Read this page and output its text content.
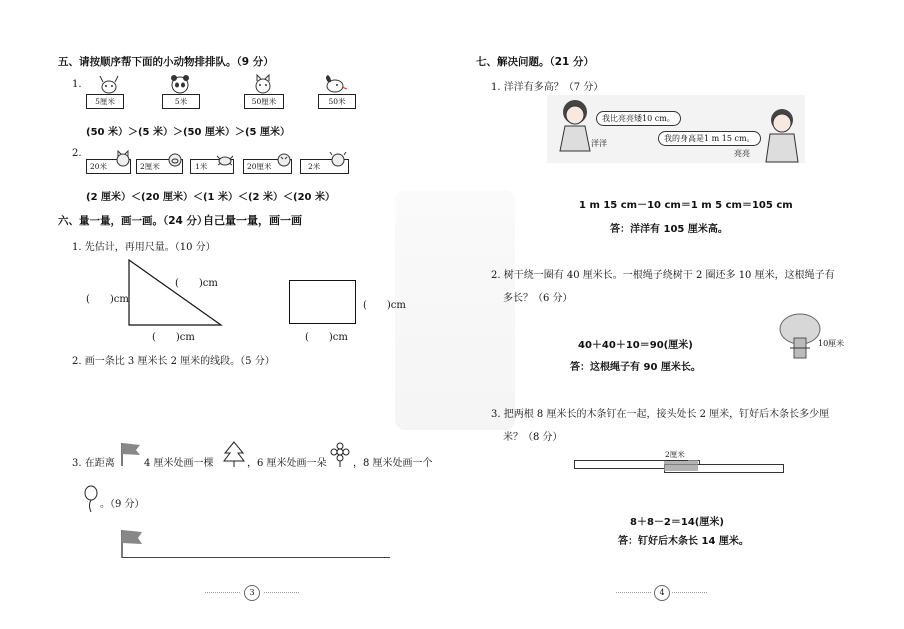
五、请按顺序帮下面的小动物排排队。（9 分）
1.
5厘米	5米	50厘米	50米
(50 米）＞(5 米）＞(50 厘米）＞(5 厘米）
2.
20米	2厘米	1米	20厘米	2米
(2 厘米）＜(20 厘米）＜(1 米）＜(2 米）＜(20 米）
六、量一量，画一画。（24 分）
自己量一量，画一画
1. 先估计，再用尺量。（10 分）
(　　)cm
(　　)cm
(　　)cm
(　　)cm
(　　)cm
2. 画一条比 3 厘米长 2 厘米的线段。（5 分）
3. 在距离	4 厘米处画一棵	，6 厘米处画一朵	，8 厘米处画一个
。（9 分）
3
七、解决问题。（21 分）
1. 洋洋有多高？（7 分）
我比亮亮矮10 cm。
洋洋
我的身高是1 m 15 cm。
亮亮
1 m 15 cm－10 cm＝1 m 5 cm＝105 cm
答：洋洋有 105 厘米高。
2. 树干绕一圈有 40 厘米长。一根绳子绕树干 2 圈还多 10 厘米，这根绳子有
多长？（6 分）
10厘米
40＋40＋10＝90(厘米)
答：这根绳子有 90 厘米长。
3. 把两根 8 厘米长的木条钉在一起，接头处长 2 厘米，钉好后木条长多少厘
米？（8 分）
2厘米
8＋8－2＝14(厘米)
答：钉好后木条长 14 厘米。
4
